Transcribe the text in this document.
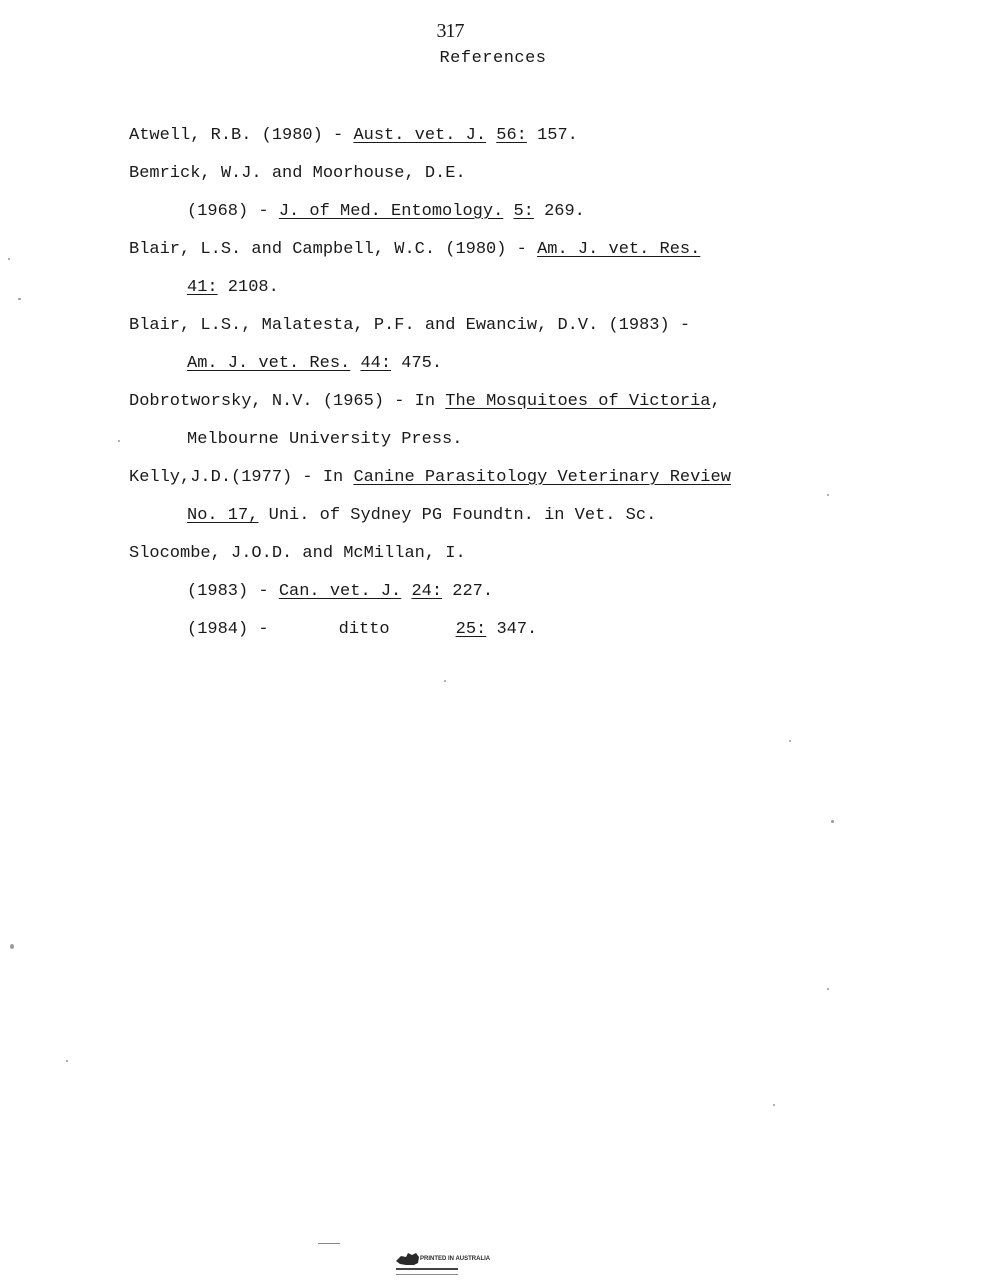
317
References
Atwell, R.B. (1980) - Aust. vet. J. 56: 157.
Bemrick, W.J. and Moorhouse, D.E.
(1968) - J. of Med. Entomology. 5: 269.
Blair, L.S. and Campbell, W.C. (1980) - Am. J. vet. Res.
41: 2108.
Blair, L.S., Malatesta, P.F. and Ewanciw, D.V. (1983) -
Am. J. vet. Res. 44: 475.
Dobrotworsky, N.V. (1965) - In The Mosquitoes of Victoria,
Melbourne University Press.
Kelly,J.D.(1977) - In Canine Parasitology Veterinary Review
No. 17, Uni. of Sydney PG Foundtn. in Vet. Sc.
Slocombe, J.O.D. and McMillan, I.
(1983) - Can. vet. J. 24: 227.
(1984) -	ditto	25: 347.
PRINTED IN AUSTRALIA
